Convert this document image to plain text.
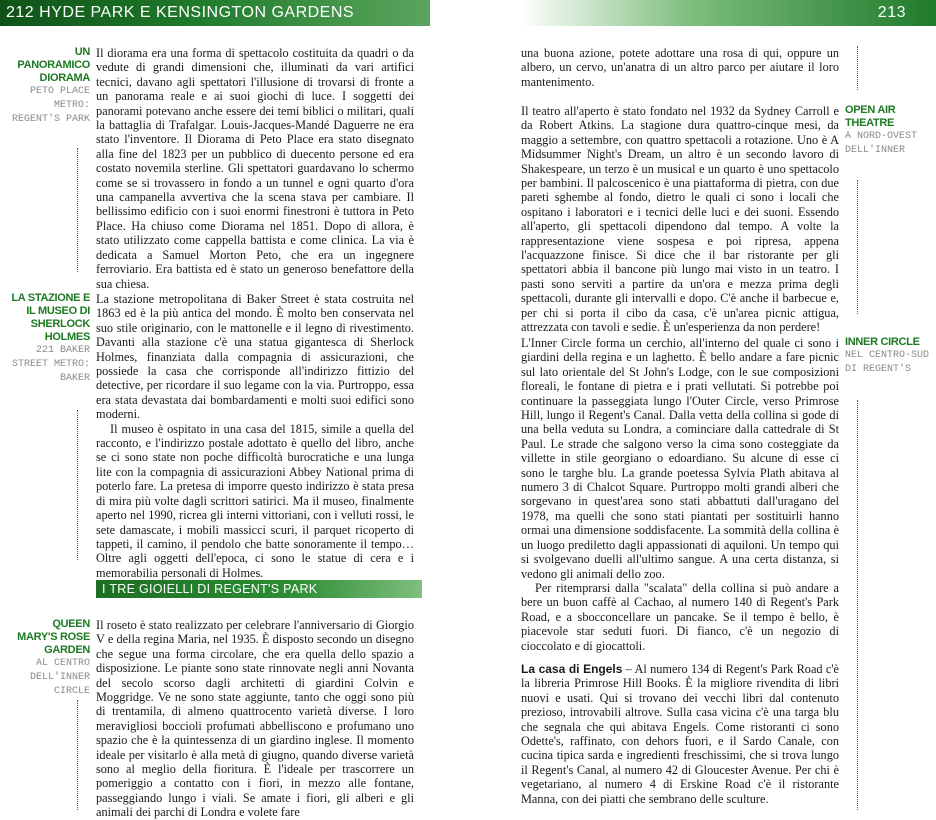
212 HYDE PARK E KENSINGTON GARDENS	213
UN PANORAMICO DIORAMA
PETO PLACE METRO: REGENT'S PARK

Il diorama era una forma di spettacolo costituita da quadri o da vedute di grandi dimensioni che, illuminati da vari artifici tecnici, davano agli spettatori l'illusione di trovarsi di fronte a un panorama reale e ai suoi giochi di luce. I soggetti dei panorami potevano anche essere dei temi biblici o militari, quali la battaglia di Trafalgar. Louis-Jacques-Mandé Daguerre ne era stato l'inventore. Il Diorama di Peto Place era stato disegnato alla fine del 1823 per un pubblico di duecento persone ed era costato novemila sterline. Gli spettatori guardavano lo schermo come se si trovassero in fondo a un tunnel e ogni quarto d'ora una campanella avvertiva che la scena stava per cambiare. Il bellissimo edificio con i suoi enormi finestroni è tuttora in Peto Place. Ha chiuso come Diorama nel 1851. Dopo di allora, è stato utilizzato come cappella battista e come clinica. La via è dedicata a Samuel Morton Peto, che era un ingegnere ferroviario. Era battista ed è stato un generoso benefattore della sua chiesa.

LA STAZIONE E IL MUSEO DI SHERLOCK HOLMES
221 BAKER STREET METRO: BAKER

La stazione metropolitana di Baker Street è stata costruita nel 1863 ed è la più antica del mondo. È molto ben conservata nel suo stile originario, con le mattonelle e il legno di rivestimento. Davanti alla stazione c'è una statua gigantesca di Sherlock Holmes, finanziata dalla compagnia di assicurazioni, che possiede la casa che corrisponde all'indirizzo fittizio del detective, per ricordare il suo legame con la via. Purtroppo, essa era stata devastata dai bombardamenti e molti suoi edifici sono moderni.

Il museo è ospitato in una casa del 1815, simile a quella del racconto, e l'indirizzo postale adottato è quello del libro, anche se ci sono state non poche difficoltà burocratiche e una lunga lite con la compagnia di assicurazioni Abbey National prima di poterlo fare. La pretesa di imporre questo indirizzo è stata presa di mira più volte dagli scrittori satirici. Ma il museo, finalmente aperto nel 1990, ricrea gli interni vittoriani, con i velluti rossi, le sete damascate, i mobili massicci scuri, il parquet ricoperto di tappeti, il camino, il pendolo che batte sonoramente il tempo… Oltre agli oggetti dell'epoca, ci sono le statue di cera e i memorabilia personali di Holmes.

I TRE GIOIELLI DI REGENT'S PARK
QUEEN MARY'S ROSE GARDEN
AL CENTRO DELL'INNER CIRCLE

Il roseto è stato realizzato per celebrare l'anniversario di Giorgio V e della regina Maria, nel 1935. È disposto secondo un disegno che segue una forma circolare, che era quella dello spazio a disposizione. Le piante sono state rinnovate negli anni Novanta del secolo scorso dagli architetti di giardini Colvin e Moggridge. Ve ne sono state aggiunte, tanto che oggi sono più di trentamila, di almeno quattrocento varietà diverse. I loro meravigliosi boccioli profumati abbelliscono e profumano uno spazio che è la quintessenza di un giardino inglese. Il momento ideale per visitarlo è alla metà di giugno, quando diverse varietà sono al meglio della fioritura. È l'ideale per trascorrere un pomeriggio a contatto con i fiori, in mezzo alle fontane, passeggiando lungo i viali. Se amate i fiori, gli alberi e gli animali dei parchi di Londra e volete fare

una buona azione, potete adottare una rosa di qui, oppure un albero, un cervo, un'anatra di un altro parco per aiutare il loro mantenimento.

OPEN AIR THEATRE
A NORD-OVEST DELL'INNER

Il teatro all'aperto è stato fondato nel 1932 da Sydney Carroll e da Robert Atkins. La stagione dura quattro-cinque mesi, da maggio a settembre, con quattro spettacoli a rotazione. Uno è A Midsummer Night's Dream, un altro è un secondo lavoro di Shakespeare, un terzo è un musical e un quarto è uno spettacolo per bambini. Il palcoscenico è una piattaforma di pietra, con due pareti sghembe al fondo, dietro le quali ci sono i locali che ospitano i laboratori e i tecnici delle luci e dei suoni. Essendo all'aperto, gli spettacoli dipendono dal tempo. A volte la rappresentazione viene sospesa e poi ripresa, appena l'acquazzone finisce. Si dice che il bar ristorante per gli spettatori abbia il bancone più lungo mai visto in un teatro. I pasti sono serviti a partire da un'ora e mezza prima degli spettacoli, durante gli intervalli e dopo. C'è anche il barbecue e, per chi si porta il cibo da casa, c'è un'area picnic attigua, attrezzata con tavoli e sedie. È un'esperienza da non perdere!

INNER CIRCLE
NEL CENTRO-SUD DI REGENT'S

L'Inner Circle forma un cerchio, all'interno del quale ci sono i giardini della regina e un laghetto. È bello andare a fare picnic sul lato orientale del St John's Lodge, con le sue composizioni floreali, le fontane di pietra e i prati vellutati. Si potrebbe poi continuare la passeggiata lungo l'Outer Circle, verso Primrose Hill, lungo il Regent's Canal. Dalla vetta della collina si gode di una bella veduta su Londra, a cominciare dalla cattedrale di St Paul. Le strade che salgono verso la cima sono costeggiate da villette in stile georgiano o edoardiano. Su alcune di esse ci sono le targhe blu. La grande poetessa Sylvia Plath abitava al numero 3 di Chalcot Square. Purtroppo molti grandi alberi che sorgevano in quest'area sono stati abbattuti dall'uragano del 1978, ma quelli che sono stati piantati per sostituirli hanno ormai una dimensione soddisfacente. La sommità della collina è un luogo prediletto dagli appassionati di aquiloni. Un tempo qui si svolgevano duelli all'ultimo sangue. A una certa distanza, si vedono gli animali dello zoo.

Per ritemprarsi dalla "scalata" della collina si può andare a bere un buon caffè al Cachao, al numero 140 di Regent's Park Road, e a sbocconcellare un pancake. Se il tempo è bello, è piacevole star seduti fuori. Di fianco, c'è un negozio di cioccolato e di giocattoli.

La casa di Engels – Al numero 134 di Regent's Park Road c'è la libreria Primrose Hill Books. È la migliore rivendita di libri nuovi e usati. Qui si trovano dei vecchi libri dal contenuto prezioso, introvabili altrove. Sulla casa vicina c'è una targa blu che segnala che qui abitava Engels. Come ristoranti ci sono Odette's, raffinato, con dehors fuori, e il Sardo Canale, con cucina tipica sarda e ingredienti freschissimi, che si trova lungo il Regent's Canal, al numero 42 di Gloucester Avenue. Per chi è vegetariano, al numero 4 di Erskine Road c'è il ristorante Manna, con dei piatti che sembrano delle sculture.
